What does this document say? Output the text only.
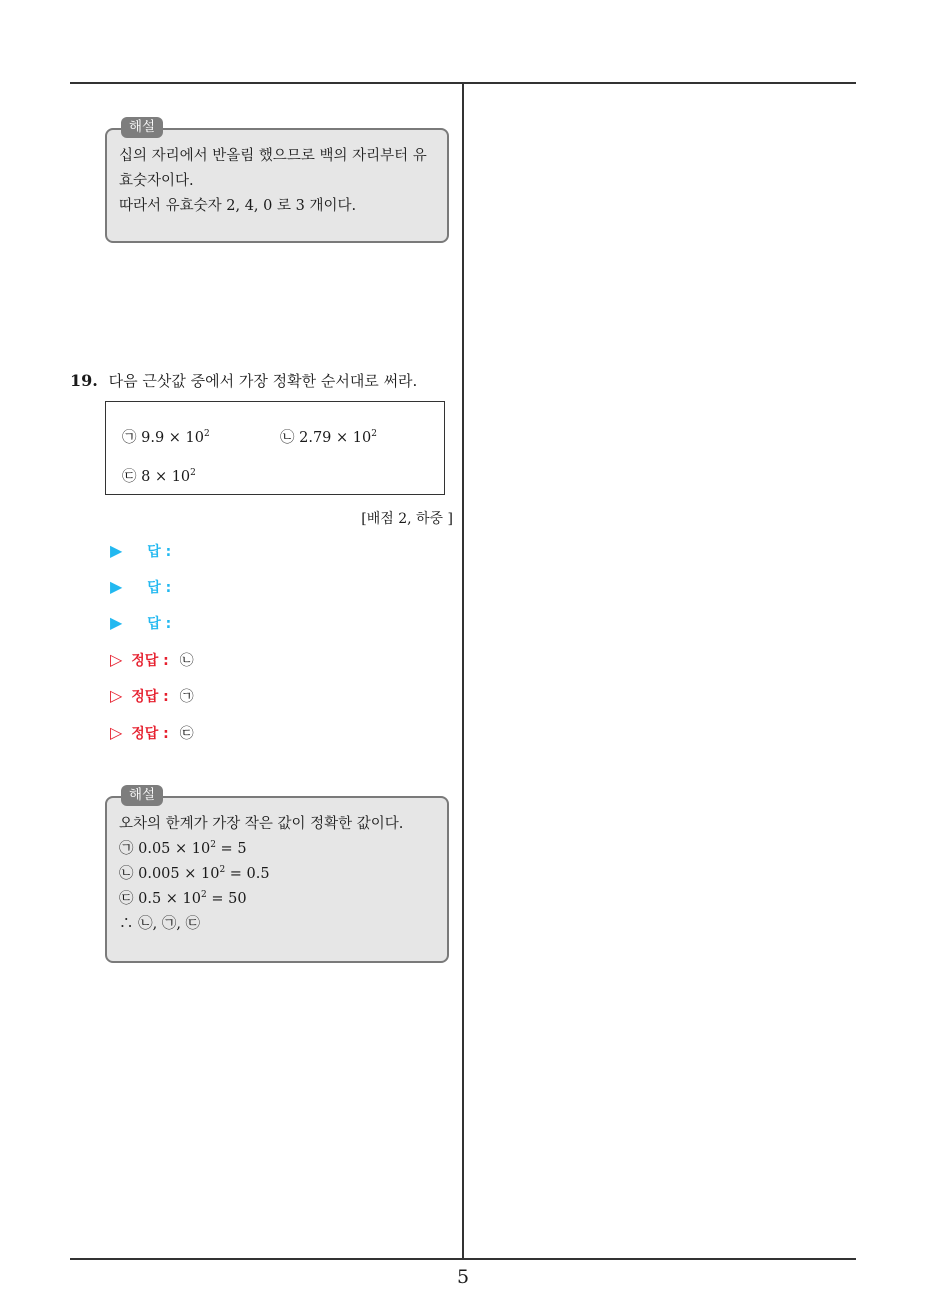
5
해설
십의 자리에서 반올림 했으므로 백의 자리부터 유
효숫자이다.
따라서 유효숫자 2, 4, 0 로 3 개이다.
19. 다음 근삿값 중에서 가장 정확한 순서대로 써라.
㉠ $9.9 \times 10^2$	㉡ $2.79 \times 10^2$
㉢ $8 \times 10^2$
[배점 2, 하중 ]
▶ 답 :
▶ 답 :
▶ 답 :
▷ 정답 : ㉡
▷ 정답 : ㉠
▷ 정답 : ㉢
해설
오차의 한계가 가장 작은 값이 정확한 값이다.
㉠ $0.05 \times 10^2 = 5$
㉡ $0.005 \times 10^2 = 0.5$
㉢ $0.5 \times 10^2 = 50$
∴ ㉡, ㉠, ㉢
